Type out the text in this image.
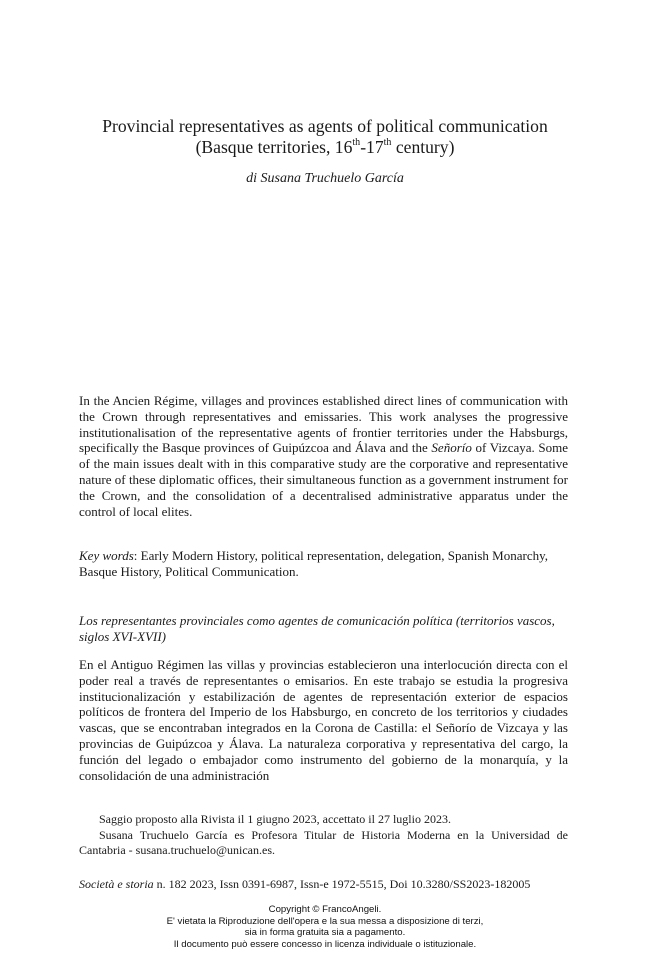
Provincial representatives as agents of political communication
(Basque territories, 16th-17th century)
di Susana Truchuelo García

In the Ancien Régime, villages and provinces established direct lines of communication with the Crown through representatives and emissaries. This work analyses the progressive institutionalisation of the representative agents of frontier territories under the Habsburgs, specifically the Basque provinces of Guipúzcoa and Álava and the Señorío of Vizcaya. Some of the main issues dealt with in this comparative study are the corporative and representative nature of these diplomatic offices, their simultaneous function as a government instrument for the Crown, and the consolidation of a decentralised administrative apparatus under the control of local elites.

Key words: Early Modern History, political representation, delegation, Spanish Monarchy, Basque History, Political Communication.

Los representantes provinciales como agentes de comunicación política (territorios vascos, siglos XVI-XVII)

En el Antiguo Régimen las villas y provincias establecieron una interlocución directa con el poder real a través de representantes o emisarios. En este trabajo se estudia la progresiva institucionalización y estabilización de agentes de representación exterior de espacios políticos de frontera del Imperio de los Habsburgo, en concreto de los territorios y ciudades vascas, que se encontraban integrados en la Corona de Castilla: el Señorío de Vizcaya y las provincias de Guipúzcoa y Álava. La naturaleza corporativa y representativa del cargo, la función del legado o embajador como instrumento del gobierno de la monarquía, y la consolidación de una administración

Saggio proposto alla Rivista il 1 giugno 2023, accettato il 27 luglio 2023.

Susana Truchuelo García es Profesora Titular de Historia Moderna en la Universidad de Cantabria - susana.truchuelo@unican.es.

Società e storia n. 182 2023, Issn 0391-6987, Issn-e 1972-5515, Doi 10.3280/SS2023-182005
Copyright © FrancoAngeli.
E' vietata la Riproduzione dell'opera e la sua messa a disposizione di terzi,
sia in forma gratuita sia a pagamento.
Il documento può essere concesso in licenza individuale o istituzionale.
